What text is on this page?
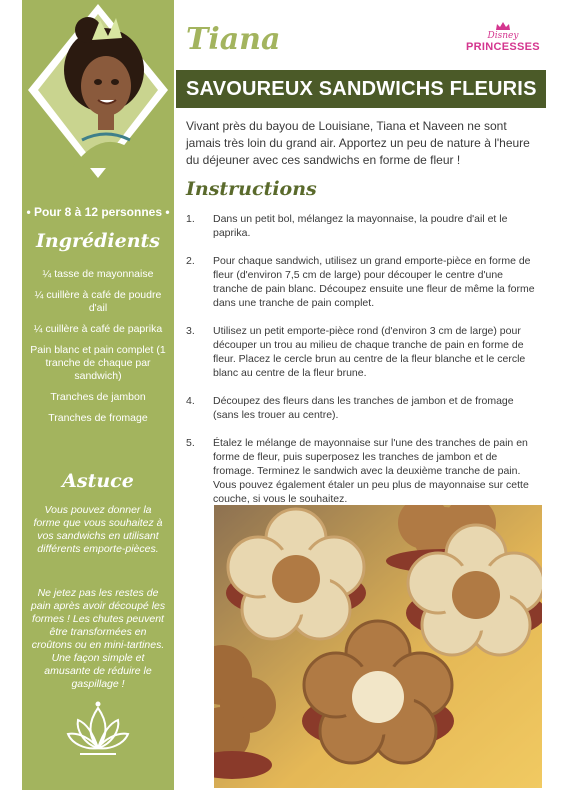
• Pour 8 à 12 personnes •
Ingrédients
¼ tasse de mayonnaise
¼ cuillère à café de poudre d'ail
¼ cuillère à café de paprika
Pain blanc et pain complet (1 tranche de chaque par sandwich)
Tranches de jambon
Tranches de fromage
Astuce

Vous pouvez donner la forme que vous souhaitez à vos sandwichs en utilisant différents emporte-pièces.

Ne jetez pas les restes de pain après avoir découpé les formes ! Les chutes peuvent être transformées en croûtons ou en mini-tartines. Une façon simple et amusante de réduire le gaspillage !

Tiana	Disney
PRINCESSES
SAVOUREUX SANDWICHS FLEURIS

Vivant près du bayou de Louisiane, Tiana et Naveen ne sont jamais très loin du grand air. Apportez un peu de nature à l'heure du déjeuner avec ces sandwichs en forme de fleur !

Instructions
1. Dans un petit bol, mélangez la mayonnaise, la poudre d'ail et le paprika.
2. Pour chaque sandwich, utilisez un grand emporte-pièce en forme de fleur (d'environ 7,5 cm de large) pour découper le centre d'une tranche de pain blanc. Découpez ensuite une fleur de même la forme dans une tranche de pain complet.
3. Utilisez un petit emporte-pièce rond (d'environ 3 cm de large) pour découper un trou au milieu de chaque tranche de pain en forme de fleur. Placez le cercle brun au centre de la fleur blanche et le cercle blanc au centre de la fleur brune.
4. Découpez des fleurs dans les tranches de jambon et de fromage (sans les trouer au centre).
5. Étalez le mélange de mayonnaise sur l'une des tranches de pain en forme de fleur, puis superposez les tranches de jambon et de fromage. Terminez le sandwich avec la deuxième tranche de pain. Vous pouvez également étaler un peu plus de mayonnaise sur cette couche, si vous le souhaitez.
